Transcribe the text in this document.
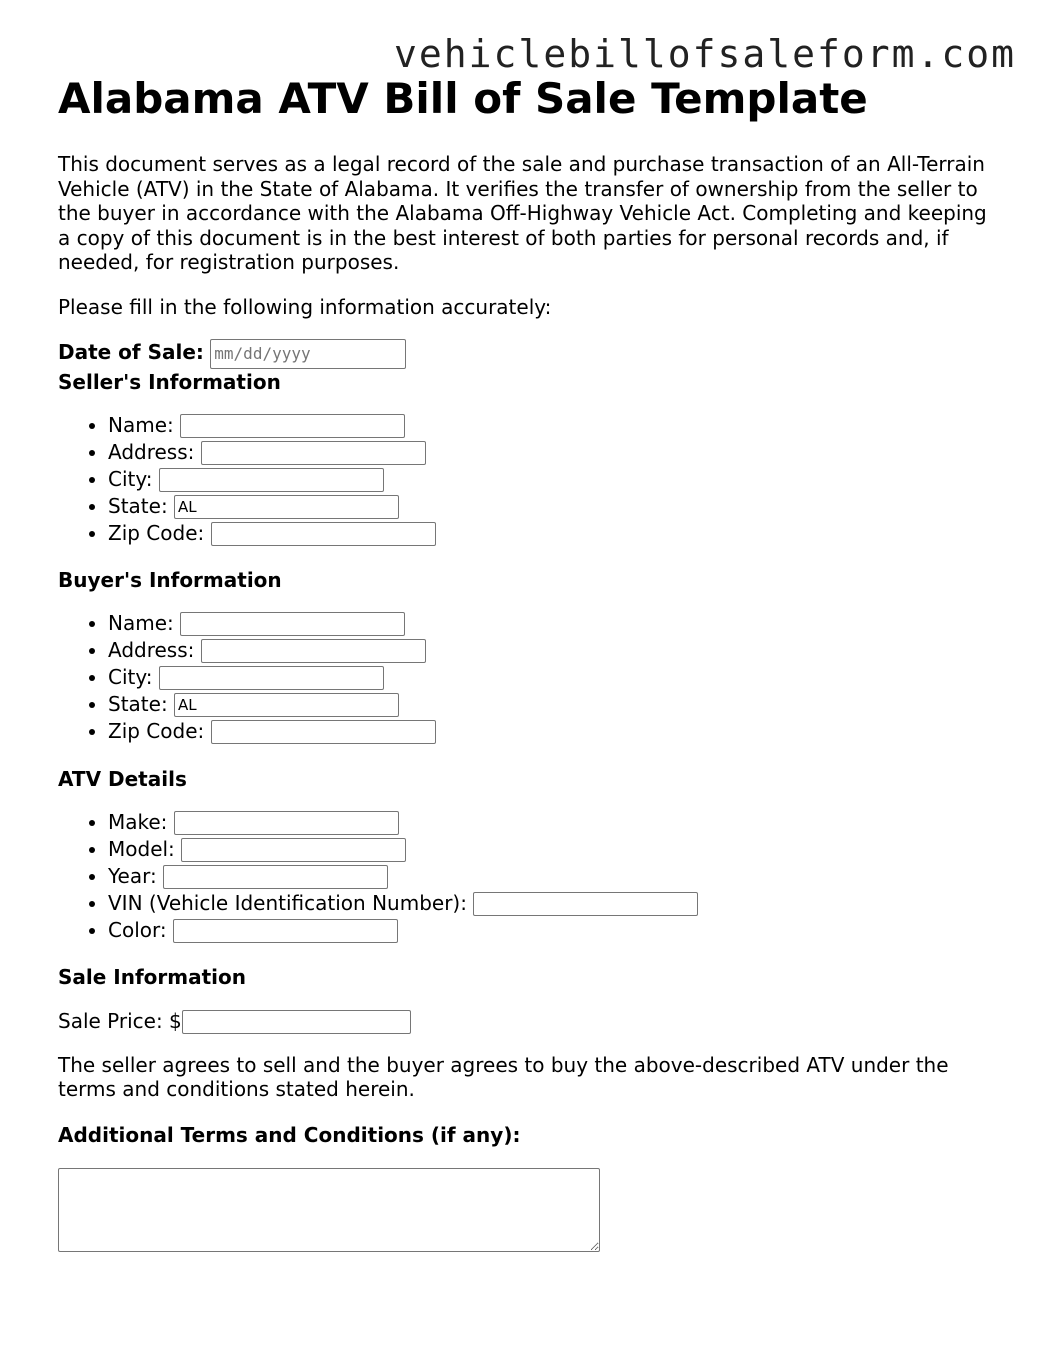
vehiclebillofsaleform.com
Alabama ATV Bill of Sale Template

This document serves as a legal record of the sale and purchase transaction of an All-Terrain Vehicle (ATV) in the State of Alabama. It verifies the transfer of ownership from the seller to the buyer in accordance with the Alabama Off-Highway Vehicle Act. Completing and keeping a copy of this document is in the best interest of both parties for personal records and, if needed, for registration purposes.

Please fill in the following information accurately:

Date of Sale: mm/dd/yyyy
Seller's Information
• Name:
• Address:
• City:
• State: AL
• Zip Code:
Buyer's Information
• Name:
• Address:
• City:
• State: AL
• Zip Code:
ATV Details
• Make:
• Model:
• Year:
• VIN (Vehicle Identification Number):
• Color:
Sale Information
Sale Price: $

The seller agrees to sell and the buyer agrees to buy the above-described ATV under the terms and conditions stated herein.

Additional Terms and Conditions (if any):
